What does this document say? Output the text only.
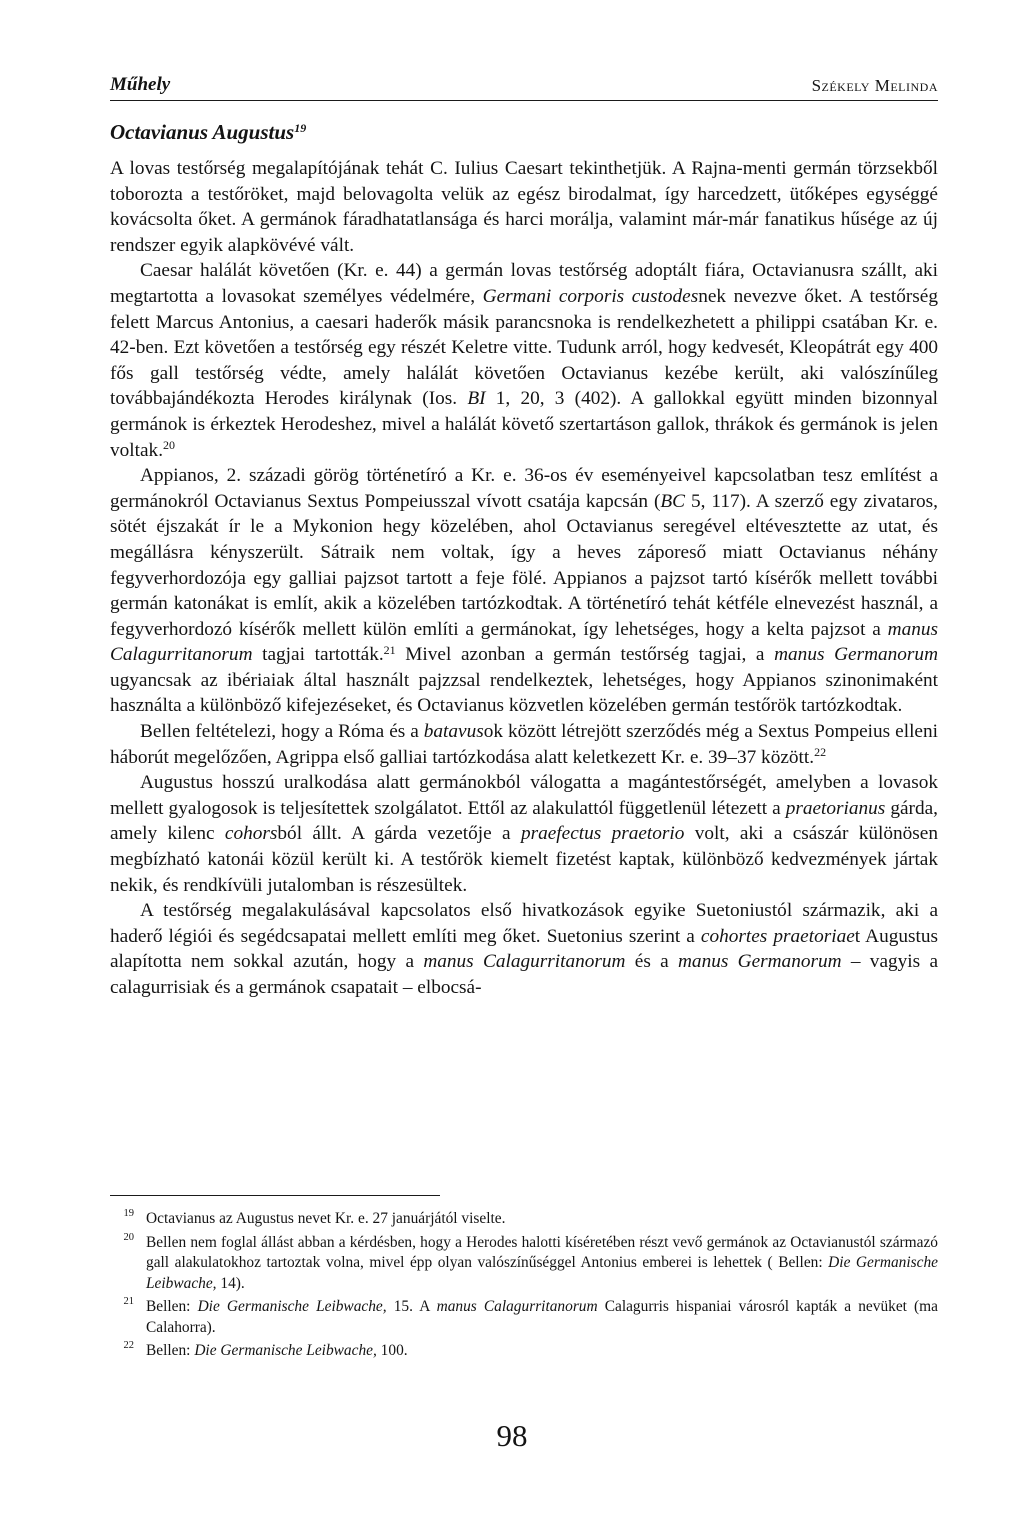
Műhely	Székely Melinda
Octavianus Augustus$^{19}$

A lovas testőrség megalapítójának tehát C. Iulius Caesart tekinthetjük. A Rajna-menti germán törzsekből toborozta a testőröket, majd belovagolta velük az egész birodalmat, így harcedzett, ütőképes egységgé kovácsolta őket. A germánok fáradhatatlansága és harci morálja, valamint már-már fanatikus hűsége az új rendszer egyik alapkövévé vált.

Caesar halálát követően (Kr. e. 44) a germán lovas testőrség adoptált fiára, Octavianusra szállt, aki megtartotta a lovasokat személyes védelmére, Germani corporis custodesnek nevezve őket. A testőrség felett Marcus Antonius, a caesari haderők másik parancsnoka is rendelkezhetett a philippi csatában Kr. e. 42-ben. Ezt követően a testőrség egy részét Keletre vitte. Tudunk arról, hogy kedvesét, Kleopátrát egy 400 fős gall testőrség védte, amely halálát követően Octavianus kezébe került, aki valószínűleg továbbajándékozta Herodes királynak (Ios. BI 1, 20, 3 (402). A gallokkal együtt minden bizonnyal germánok is érkeztek Herodeshez, mivel a halálát követő szertartáson gallok, thrákok és germánok is jelen voltak.$^{20}$

Appianos, 2. századi görög történetíró a Kr. e. 36-os év eseményeivel kapcsolatban tesz említést a germánokról Octavianus Sextus Pompeiusszal vívott csatája kapcsán (BC 5, 117). A szerző egy zivataros, sötét éjszakát ír le a Mykonion hegy közelében, ahol Octavianus seregével eltévesztette az utat, és megállásra kényszerült. Sátraik nem voltak, így a heves záporeső miatt Octavianus néhány fegyverhordozója egy galliai pajzsot tartott a feje fölé. Appianos a pajzsot tartó kísérők mellett további germán katonákat is említ, akik a közelében tartózkodtak. A történetíró tehát kétféle elnevezést használ, a fegyverhordozó kísérők mellett külön említi a germánokat, így lehetséges, hogy a kelta pajzsot a manus Calagurritanorum tagjai tartották.$^{21}$ Mivel azonban a germán testőrség tagjai, a manus Germanorum ugyancsak az ibériaiak által használt pajzzsal rendelkeztek, lehetséges, hogy Appianos szinonimaként használta a különböző kifejezéseket, és Octavianus közvetlen közelében germán testőrök tartózkodtak.

Bellen feltételezi, hogy a Róma és a batavusok között létrejött szerződés még a Sextus Pompeius elleni háborút megelőzően, Agrippa első galliai tartózkodása alatt keletkezett Kr. e. 39–37 között.$^{22}$

Augustus hosszú uralkodása alatt germánokból válogatta a magántestőrségét, amelyben a lovasok mellett gyalogosok is teljesítettek szolgálatot. Ettől az alakulattól függetlenül létezett a praetorianus gárda, amely kilenc cohorsból állt. A gárda vezetője a praefectus praetorio volt, aki a császár különösen megbízható katonái közül került ki. A testőrök kiemelt fizetést kaptak, különböző kedvezmények jártak nekik, és rendkívüli jutalomban is részesültek.

A testőrség megalakulásával kapcsolatos első hivatkozások egyike Suetoniustól származik, aki a haderő légiói és segédcsapatai mellett említi meg őket. Suetonius szerint a cohortes praetoriaet Augustus alapította nem sokkal azután, hogy a manus Calagurritanorum és a manus Germanorum – vagyis a calagurrisiak és a germánok csapatait – elbocsá-

19 Octavianus az Augustus nevet Kr. e. 27 januárjától viselte.
20 Bellen nem foglal állást abban a kérdésben, hogy a Herodes halotti kíséretében részt vevő germánok az Octavianustól származó gall alakulatokhoz tartoztak volna, mivel épp olyan valószínűséggel Antonius emberei is lehettek ( Bellen: Die Germanische Leibwache, 14).
21 Bellen: Die Germanische Leibwache, 15. A manus Calagurritanorum Calagurris hispaniai városról kapták a nevüket (ma Calahorra).
22 Bellen: Die Germanische Leibwache, 100.
98
